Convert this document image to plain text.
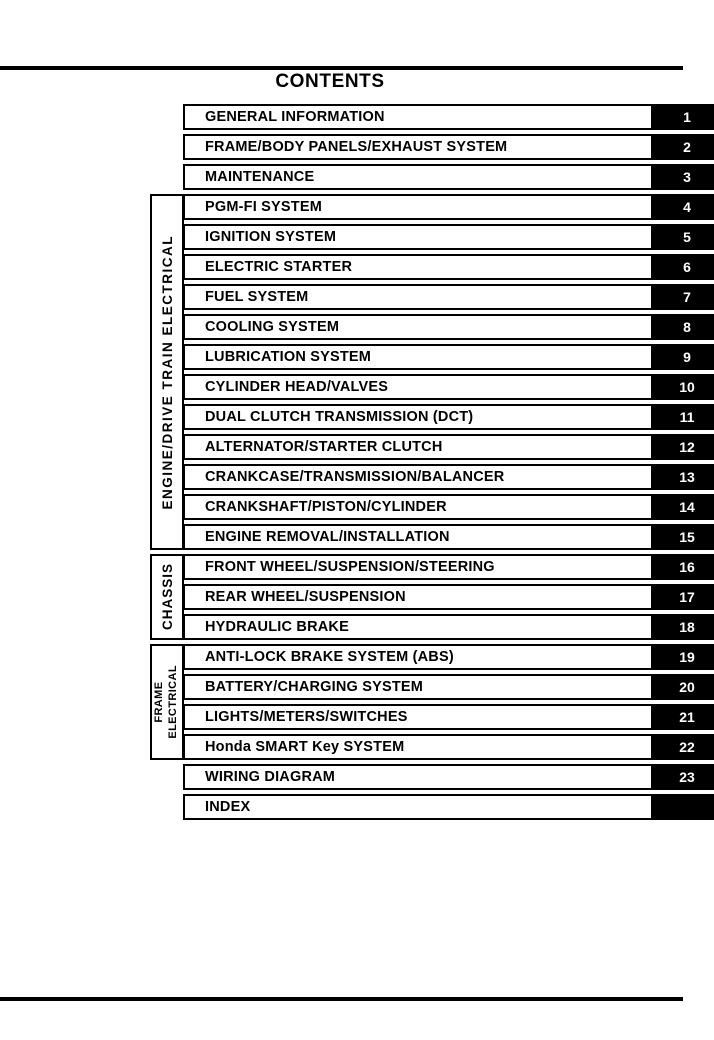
CONTENTS
GENERAL INFORMATION	1
FRAME/BODY PANELS/EXHAUST SYSTEM	2
MAINTENANCE	3
PGM-FI SYSTEM	4
IGNITION SYSTEM	5
ELECTRIC STARTER	6
FUEL SYSTEM	7
COOLING SYSTEM	8
LUBRICATION SYSTEM	9
CYLINDER HEAD/VALVES	10
DUAL CLUTCH TRANSMISSION (DCT)	11
ALTERNATOR/STARTER CLUTCH	12
CRANKCASE/TRANSMISSION/BALANCER	13
CRANKSHAFT/PISTON/CYLINDER	14
ENGINE REMOVAL/INSTALLATION	15
FRONT WHEEL/SUSPENSION/STEERING	16
REAR WHEEL/SUSPENSION	17
HYDRAULIC BRAKE	18
ANTI-LOCK BRAKE SYSTEM (ABS)	19
BATTERY/CHARGING SYSTEM	20
LIGHTS/METERS/SWITCHES	21
Honda SMART Key SYSTEM	22
WIRING DIAGRAM	23
INDEX
ENGINE/DRIVE TRAIN ELECTRICAL
CHASSIS
FRAME ELECTRICAL
